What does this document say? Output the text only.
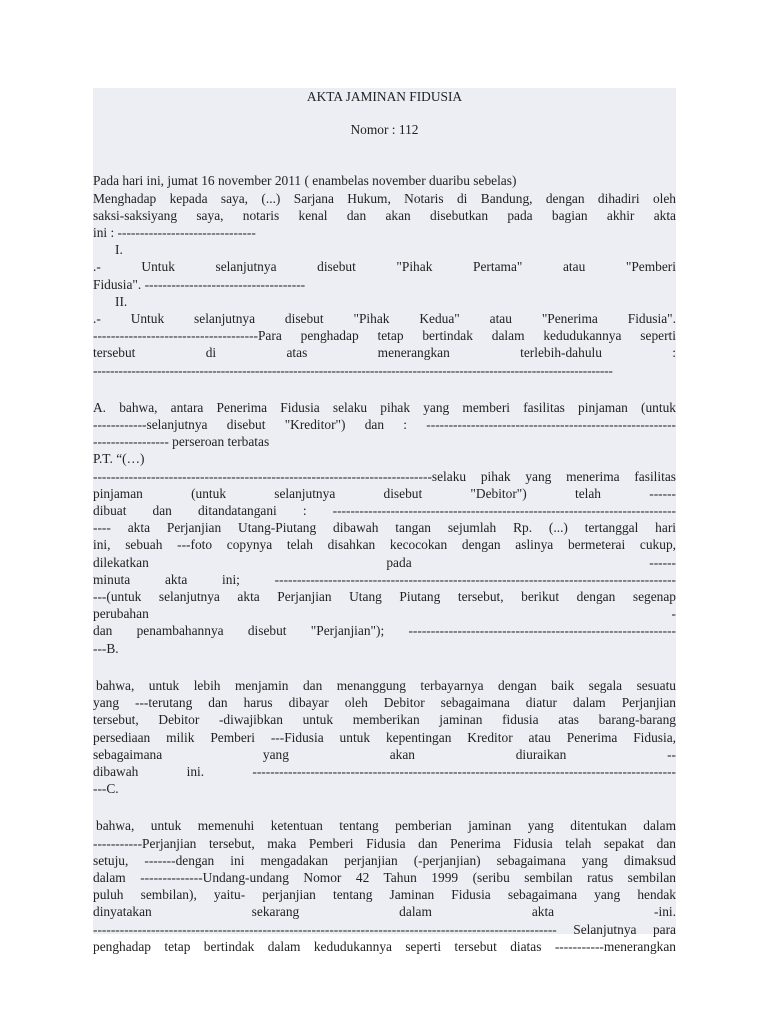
AKTA JAMINAN FIDUSIA

Nomor : 112

Pada hari ini, jumat 16 november 2011 ( enambelas november duaribu sebelas)

Menghadap kepada saya, (...) Sarjana Hukum, Notaris di Bandung, dengan dihadiri oleh

saksi-saksiyang saya, notaris kenal dan akan disebutkan pada bagian akhir akta

ini : -------------------------------

I.

.- Untuk selanjutnya disebut "Pihak Pertama" atau "Pemberi

Fidusia". ------------------------------------

II.

.- Untuk selanjutnya disebut "Pihak Kedua" atau "Penerima Fidusia".

-------------------------------------Para penghadap tetap bertindak dalam kedudukannya seperti

tersebut di atas menerangkan terlebih-dahulu :

--------------------------------------------------------------------------------------------------------------------------

A. bahwa, antara Penerima Fidusia selaku pihak yang memberi fasilitas pinjaman (untuk

------------selanjutnya disebut "Kreditor") dan : --------------------------------------------------------

----------------- perseroan terbatas

P.T. “(…)

----------------------------------------------------------------------------selaku pihak yang menerima fasilitas

pinjaman (untuk selanjutnya disebut "Debitor") telah ------

dibuat dan ditandatangani : -----------------------------------------------------------------------------

---- akta Perjanjian Utang-Piutang dibawah tangan sejumlah Rp. (...) tertanggal hari

ini, sebuah ---foto copynya telah disahkan kecocokan dengan aslinya bermeterai cukup,

dilekatkan pada ------

minuta akta ini; ------------------------------------------------------------------------------------------

---(untuk selanjutnya akta Perjanjian Utang Piutang tersebut, berikut dengan segenap

perubahan -

dan penambahannya disebut "Perjanjian"); ------------------------------------------------------------

---B.

bahwa, untuk lebih menjamin dan menanggung terbayarnya dengan baik segala sesuatu

yang ---terutang dan harus dibayar oleh Debitor sebagaimana diatur dalam Perjanjian

tersebut, Debitor -diwajibkan untuk memberikan jaminan fidusia atas barang-barang

persediaan milik Pemberi ---Fidusia untuk kepentingan Kreditor atau Penerima Fidusia,

sebagaimana yang akan diuraikan --

dibawah ini. -----------------------------------------------------------------------------------------------

---C.

bahwa, untuk memenuhi ketentuan tentang pemberian jaminan yang ditentukan dalam

-----------Perjanjian tersebut, maka Pemberi Fidusia dan Penerima Fidusia telah sepakat dan

setuju, -------dengan ini mengadakan perjanjian (-perjanjian) sebagaimana yang dimaksud

dalam --------------Undang-undang Nomor 42 Tahun 1999 (seribu sembilan ratus sembilan

puluh sembilan), yaitu- perjanjian tentang Jaminan Fidusia sebagaimana yang hendak

dinyatakan sekarang dalam akta -ini.

-------------------------------------------------------------------------------------------------------- Selanjutnya para

penghadap tetap bertindak dalam kedudukannya seperti tersebut diatas -----------menerangkan
